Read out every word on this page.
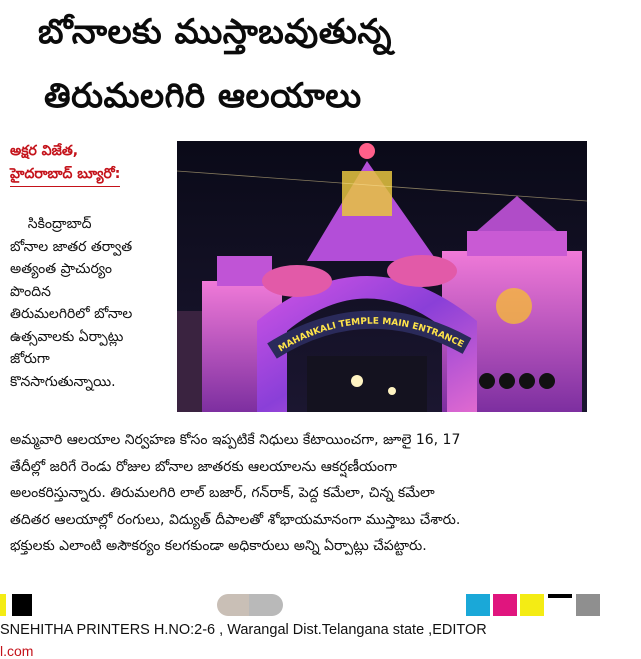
బోనాలకు ముస్తాబవుతున్న
తిరుమలగిరి ఆలయాలు
అక్షర విజేత,
హైదరాబాద్ బ్యూరో:
సికింద్రాబాద్
బోనాల జాతర తర్వాత
అత్యంత ప్రాచుర్యం
పొందిన
తిరుమలగిరిలో బోనాల
ఉత్సవాలకు ఏర్పాట్లు
జోరుగా
కొనసాగుతున్నాయి.
MAHANKALI TEMPLE MAIN ENTRANCE
అమ్మవారి ఆలయాల నిర్వహణ కోసం ఇప్పటికే నిధులు కేటాయించగా, జూలై 16, 17
తేదీల్లో జరిగే రెండు రోజుల బోనాల జాతరకు ఆలయాలను ఆకర్షణీయంగా
అలంకరిస్తున్నారు. తిరుమలగిరి లాల్ బజార్, గన్‌రాక్, పెద్ద కమేలా, చిన్న కమేలా
తదితర ఆలయాల్లో రంగులు, విద్యుత్ దీపాలతో శోభాయమానంగా ముస్తాబు చేశారు.
భక్తులకు ఎలాంటి అసౌకర్యం కలగకుండా అధికారులు అన్ని ఏర్పాట్లు చేపట్టారు.
SNEHITHA PRINTERS H.NO:2-6 , Warangal Dist.Telangana state ,EDITOR
l.com
